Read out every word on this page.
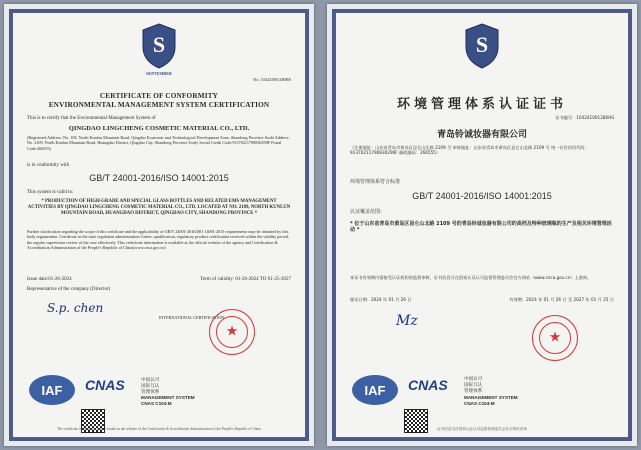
S
SEPTEMBER
No. 104241001280HS
CERTIFICATE OF CONFORMITY
ENVIRONMENTAL MANAGEMENT SYSTEM CERTIFICATION
This is to certify that the Environmental Management System of
QINGDAO LINGCHENG COSMETIC MATERIAL CO., LTD.
(Registered Address: No. 100, North Kunlun Mountain Road, Qingdao Economic and Technological Development Zone, Shandong Province Audit Address: No. 2109, North Kunlun Mountain Road, Huangdao District, Qingdao City, Shandong Province Unify Social Credit Code:91370211790830290F Postal Code:266555)
is in conformity with
GB/T 24001-2016/ISO 14001:2015
This system is valid to:
* PRODUCTION OF HIGH-GRADE AND SPECIAL GLASS BOTTLES AND RELATED EMS MANAGEMENT ACTIVITIES BY QINGDAO LINGCHENG COSMETIC MATERIAL CO., LTD. LOCATED AT NO. 2109, NORTH KUNLUN MOUNTAIN ROAD, HUANGDAO DISTRICT, QINGDAO CITY, SHANDONG PROVINCE *
Further clarification regarding the scope of this certificate and the applicability of GB/T 24001-2016/ISO 14001:2015 requirements may be obtained by this body organization. Certificate in the state regulation administration Center, qualification, regulatory product certification received within the validity period, the regular supervision review of the case effectively. This certificate information is available at the official website of the agency and Certification & Accreditation Administration of the People's Republic of China(www.cnca.gov.cn)
Issue date:01-26-2024	Term of validity: 01-26-2024 TO 01-25-2027
Representative of the company (Director)
S.p. chen
INTERNATIONAL CERTIFICATION
★
IAF	CNAS	中国认可
国际互认
管理体系
MANAGEMENT SYSTEM
CNAS C104-M
The certificate information can be found on the website of the Certification & Accreditation Administration of the People's Republic of China
S
环境管理体系认证证书
证书编号：104241001280HS
青岛铃诚妆器有限公司
（注册地址：山东省青岛市黄岛区昆仑山北路 2109 号 审核地址：山东省青岛市黄岛区昆仑山北路 2109 号 统一社会信用代码：91370211790830290F 邮政编码：266555）
环境管理体系符合标准
GB/T 24001-2016/ISO 14001:2015
认证覆盖范围：
* 位于山东省青岛市黄岛区昆仑山北路 2109 号的青岛铃诚妆器有限公司的高档及特种玻璃瓶的生产及相关环境管理活动 *
本证书有效期内需接受认证机构的监督审核，证书信息可在国家认证认可监督管理委员会官方网站（www.cnca.gov.cn）上查询。
颁证日期：2024 年 01 月 26 日	有效期：2024 年 01 月 26 日 至 2027 年 01 月 25 日
Mz
★
IAF	CNAS	中国认可
国际互认
管理体系
MANAGEMENT SYSTEM
CNAS C104-M
证书信息可在国家认证认可监督管理委员会官方网站查询
